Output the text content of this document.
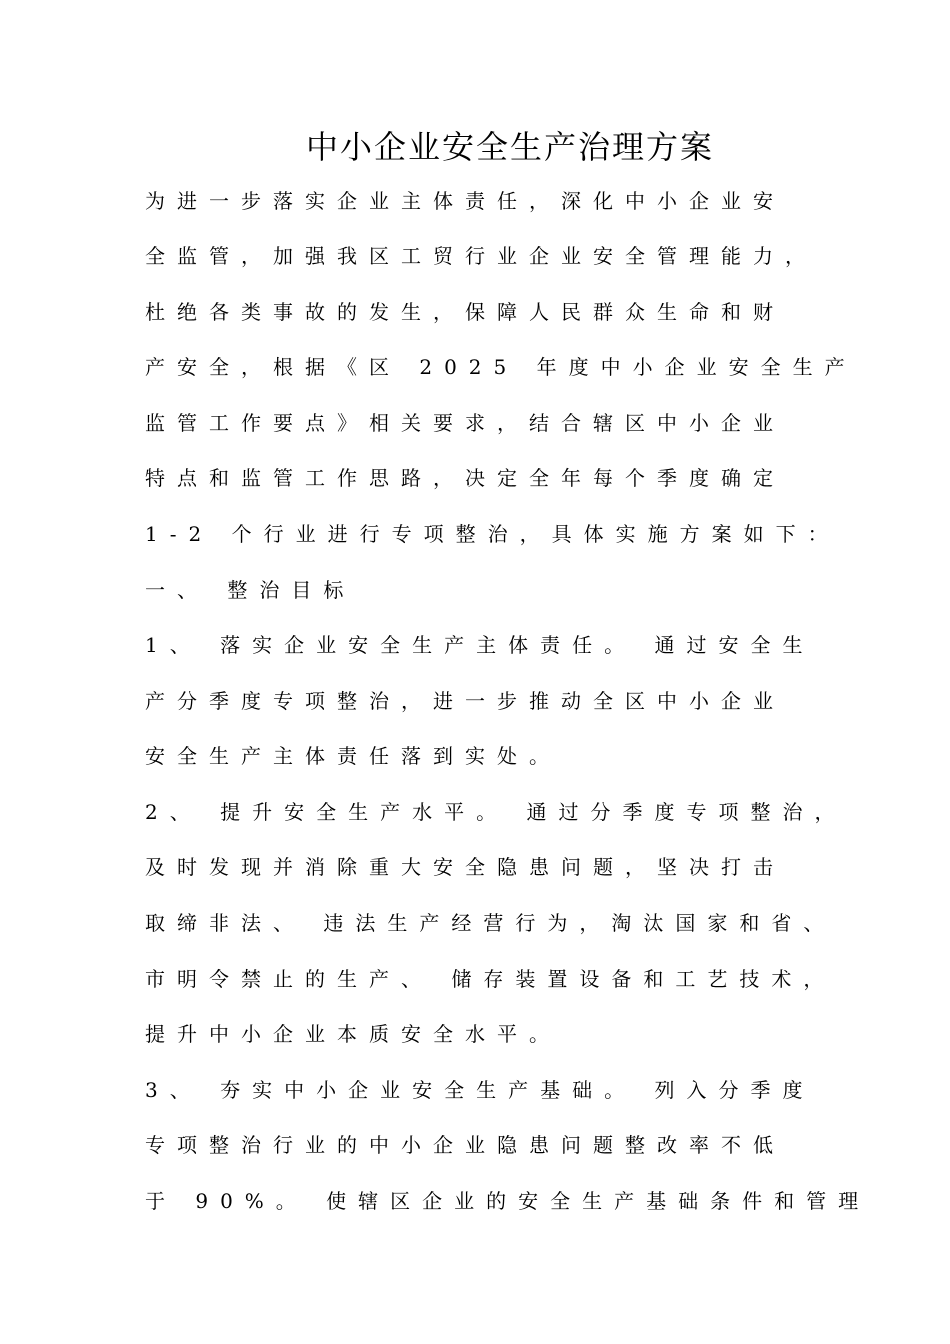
中小企业安全生产治理方案
为进一步落实企业主体责任，深化中小企业安
全监管，加强我区工贸行业企业安全管理能力，
杜绝各类事故的发生，保障人民群众生命和财
产安全，根据《区 2025 年度中小企业安全生产
监管工作要点》相关要求，结合辖区中小企业
特点和监管工作思路，决定全年每个季度确定
1-2 个行业进行专项整治，具体实施方案如下：
一、 整治目标
1、 落实企业安全生产主体责任。 通过安全生
产分季度专项整治，进一步推动全区中小企业
安全生产主体责任落到实处。
2、 提升安全生产水平。 通过分季度专项整治，
及时发现并消除重大安全隐患问题，坚决打击
取缔非法、 违法生产经营行为，淘汰国家和省、
市明令禁止的生产、 储存装置设备和工艺技术，
提升中小企业本质安全水平。
3、 夯实中小企业安全生产基础。 列入分季度
专项整治行业的中小企业隐患问题整改率不低
于 90%。 使辖区企业的安全生产基础条件和管理
